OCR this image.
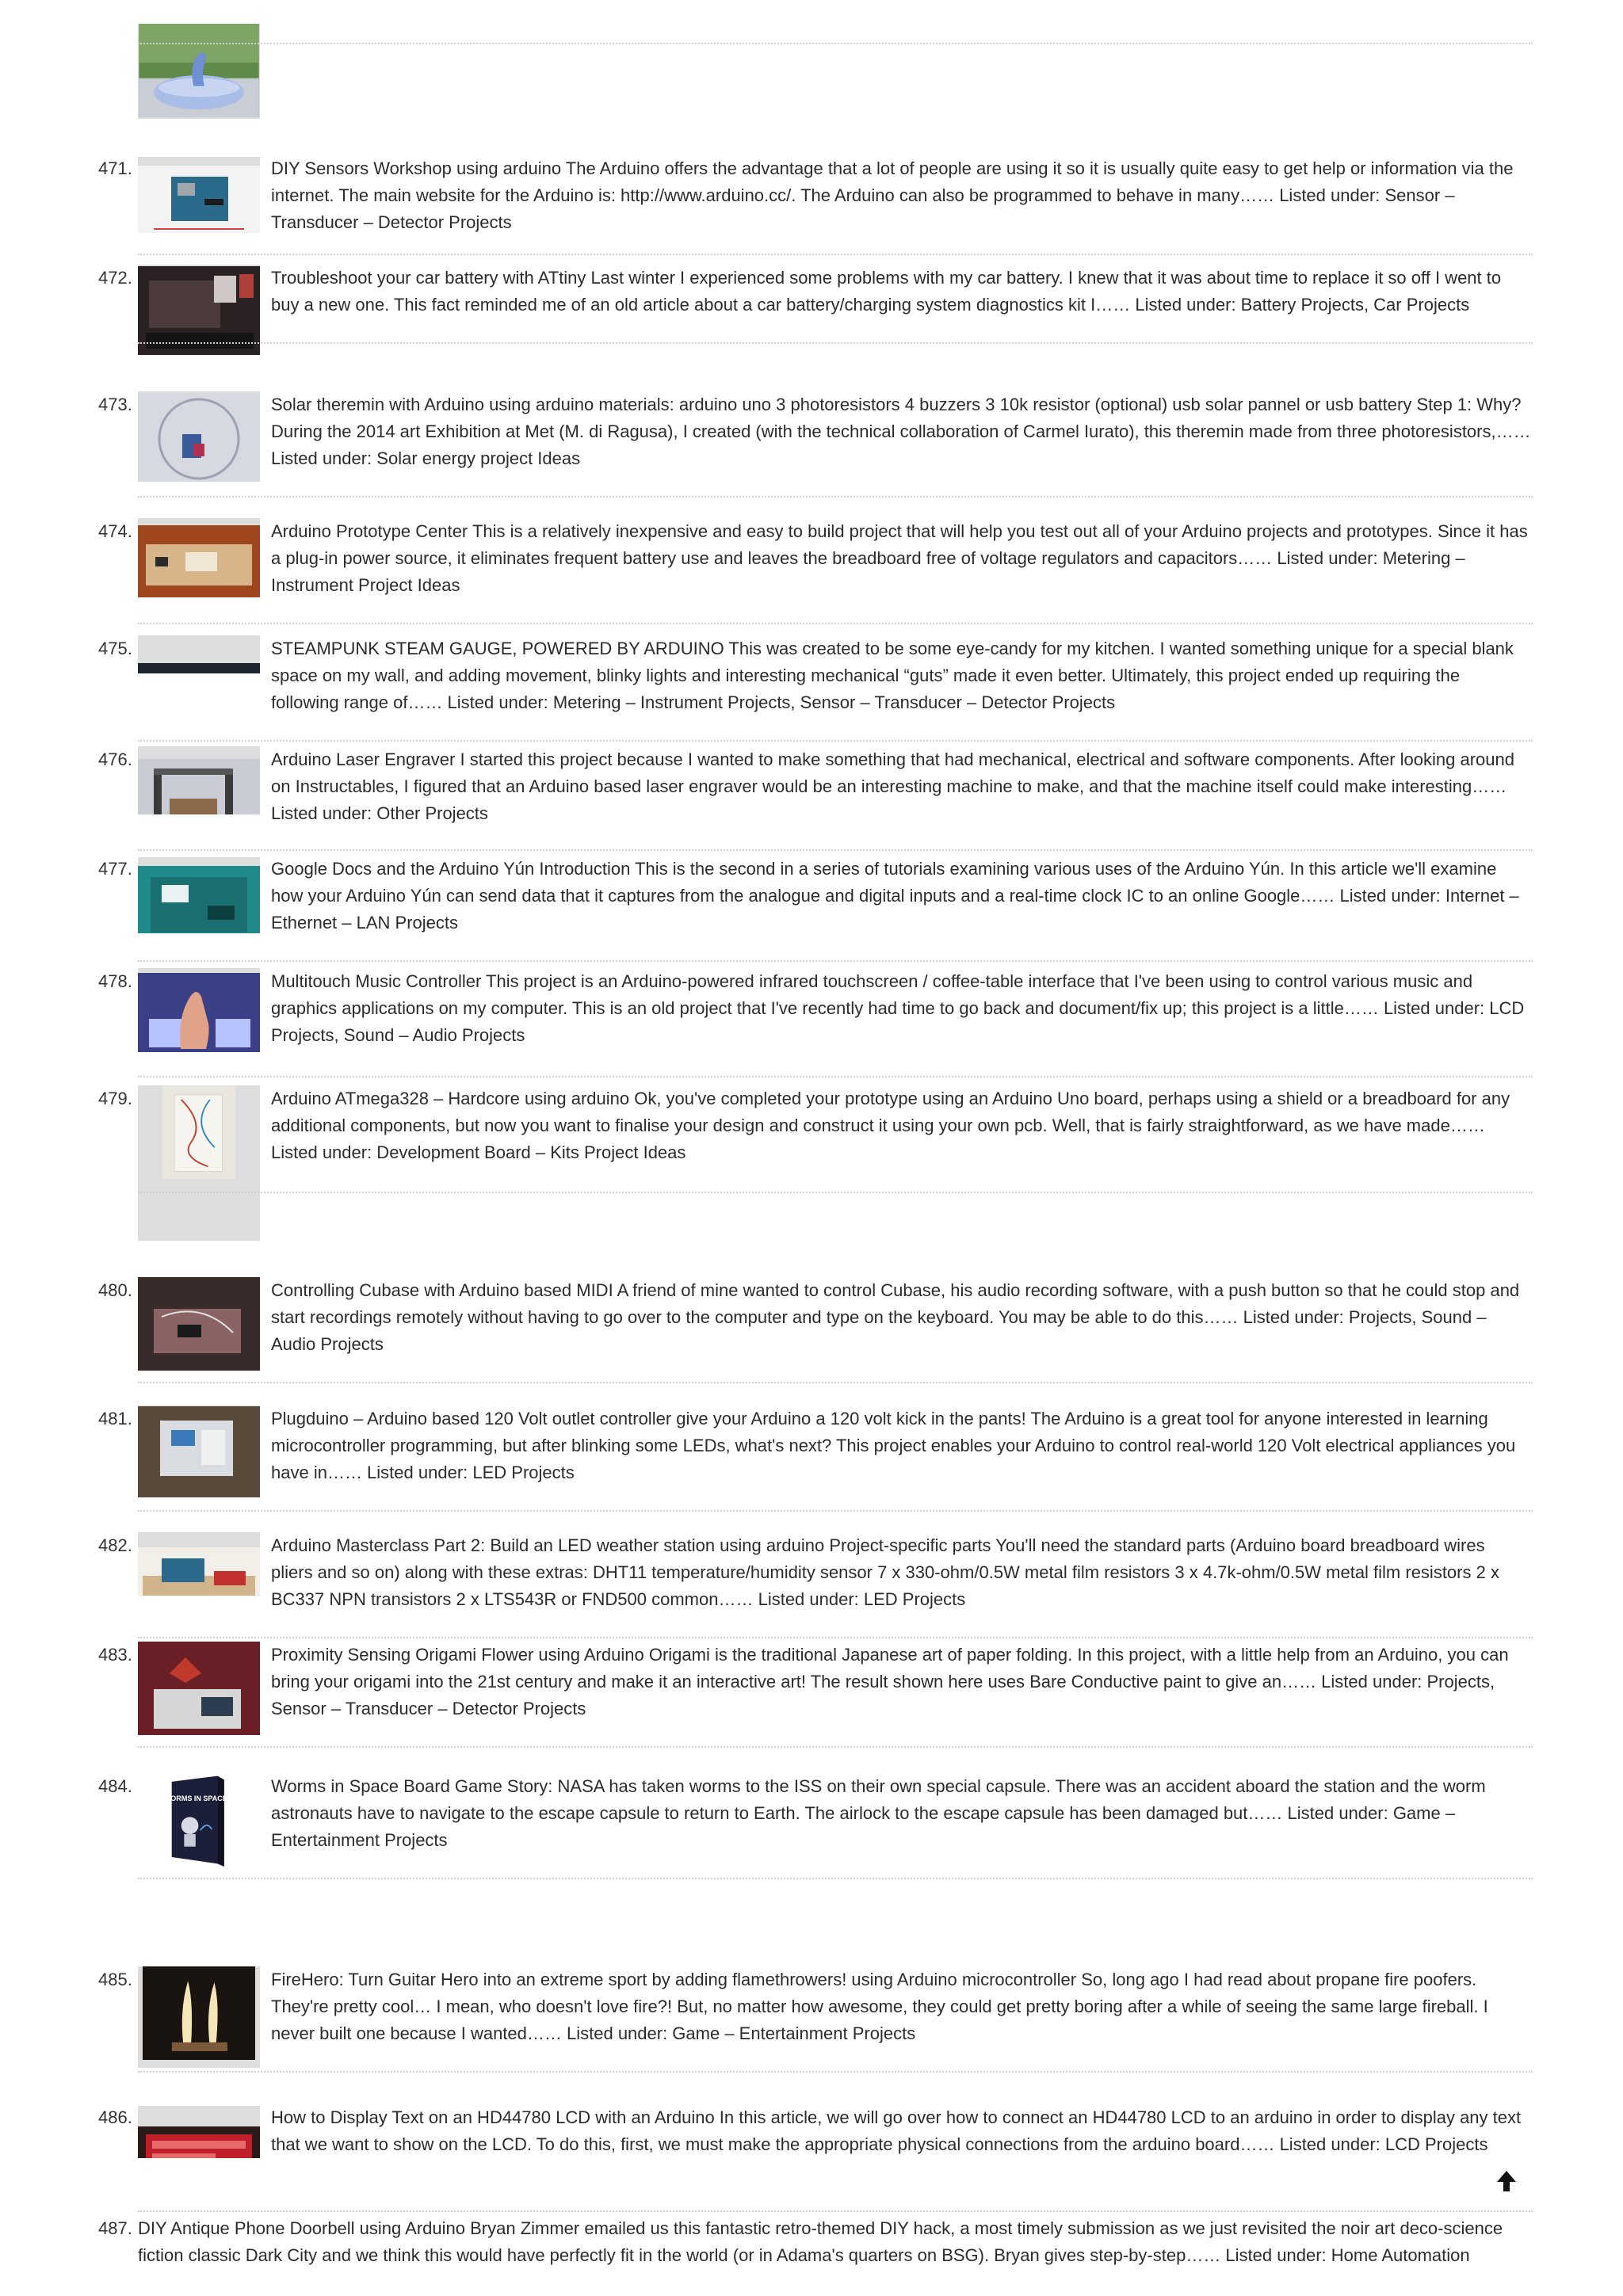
471.	DIY Sensors Workshop using arduino The Arduino offers the advantage that a lot of people are using it so it is usually quite easy to get help or information via the internet. The main website for the Arduino is: http://www.arduino.cc/. The Arduino can also be programmed to behave in many…… Listed under: Sensor – Transducer – Detector Projects
472.	Troubleshoot your car battery with ATtiny Last winter I experienced some problems with my car battery. I knew that it was about time to replace it so off I went to buy a new one. This fact reminded me of an old article about a car battery/charging system diagnostics kit I…… Listed under: Battery Projects, Car Projects
473.	Solar theremin with Arduino using arduino materials: arduino uno 3 photoresistors 4 buzzers 3 10k resistor (optional) usb solar pannel or usb battery Step 1: Why? During the 2014 art Exhibition at Met (M. di Ragusa), I created (with the technical collaboration of Carmel Iurato), this theremin made from three photoresistors,…… Listed under: Solar energy project Ideas
474.	Arduino Prototype Center This is a relatively inexpensive and easy to build project that will help you test out all of your Arduino projects and prototypes. Since it has a plug-in power source, it eliminates frequent battery use and leaves the breadboard free of voltage regulators and capacitors…… Listed under: Metering – Instrument Project Ideas
475.	STEAMPUNK STEAM GAUGE, POWERED BY ARDUINO This was created to be some eye-candy for my kitchen. I wanted something unique for a special blank space on my wall, and adding movement, blinky lights and interesting mechanical “guts” made it even better. Ultimately, this project ended up requiring the following range of…… Listed under: Metering – Instrument Projects, Sensor – Transducer – Detector Projects
476.	Arduino Laser Engraver I started this project because I wanted to make something that had mechanical, electrical and software components. After looking around on Instructables, I figured that an Arduino based laser engraver would be an interesting machine to make, and that the machine itself could make interesting…… Listed under: Other Projects
477.	Google Docs and the Arduino Yún Introduction This is the second in a series of tutorials examining various uses of the Arduino Yún. In this article we'll examine how your Arduino Yún can send data that it captures from the analogue and digital inputs and a real-time clock IC to an online Google…… Listed under: Internet – Ethernet – LAN Projects
478.	Multitouch Music Controller This project is an Arduino-powered infrared touchscreen / coffee-table interface that I've been using to control various music and graphics applications on my computer. This is an old project that I've recently had time to go back and document/fix up; this project is a little…… Listed under: LCD Projects, Sound – Audio Projects
479.	Arduino ATmega328 – Hardcore using arduino Ok, you've completed your prototype using an Arduino Uno board, perhaps using a shield or a breadboard for any additional components, but now you want to finalise your design and construct it using your own pcb. Well, that is fairly straightforward, as we have made…… Listed under: Development Board – Kits Project Ideas
480.	Controlling Cubase with Arduino based MIDI A friend of mine wanted to control Cubase, his audio recording software, with a push button so that he could stop and start recordings remotely without having to go over to the computer and type on the keyboard. You may be able to do this…… Listed under: Projects, Sound – Audio Projects
481.	Plugduino – Arduino based 120 Volt outlet controller give your Arduino a 120 volt kick in the pants! The Arduino is a great tool for anyone interested in learning microcontroller programming, but after blinking some LEDs, what's next? This project enables your Arduino to control real-world 120 Volt electrical appliances you have in…… Listed under: LED Projects
482.	Arduino Masterclass Part 2: Build an LED weather station using arduino Project-specific parts You'll need the standard parts (Arduino board breadboard wires pliers and so on) along with these extras: DHT11 temperature/humidity sensor 7 x 330-ohm/0.5W metal film resistors 3 x 4.7k-ohm/0.5W metal film resistors 2 x BC337 NPN transistors 2 x LTS543R or FND500 common…… Listed under: LED Projects
483.	Proximity Sensing Origami Flower using Arduino Origami is the traditional Japanese art of paper folding. In this project, with a little help from an Arduino, you can bring your origami into the 21st century and make it an interactive art! The result shown here uses Bare Conductive paint to give an…… Listed under: Projects, Sensor – Transducer – Detector Projects
484.
WORMS IN SPACE
Worms in Space Board Game Story: NASA has taken worms to the ISS on their own special capsule. There was an accident aboard the station and the worm astronauts have to navigate to the escape capsule to return to Earth. The airlock to the escape capsule has been damaged but…… Listed under: Game – Entertainment Projects
485.	FireHero: Turn Guitar Hero into an extreme sport by adding flamethrowers! using Arduino microcontroller So, long ago I had read about propane fire poofers. They're pretty cool… I mean, who doesn't love fire?! But, no matter how awesome, they could get pretty boring after a while of seeing the same large fireball. I never built one because I wanted…… Listed under: Game – Entertainment Projects
486.	How to Display Text on an HD44780 LCD with an Arduino In this article, we will go over how to connect an HD44780 LCD to an arduino in order to display any text that we want to show on the LCD. To do this, first, we must make the appropriate physical connections from the arduino board…… Listed under: LCD Projects
487. DIY Antique Phone Doorbell using Arduino Bryan Zimmer emailed us this fantastic retro-themed DIY hack, a most timely submission as we just revisited the noir art deco-science fiction classic Dark City and we think this would have perfectly fit in the world (or in Adama's quarters on BSG). Bryan gives step-by-step…… Listed under: Home Automation
